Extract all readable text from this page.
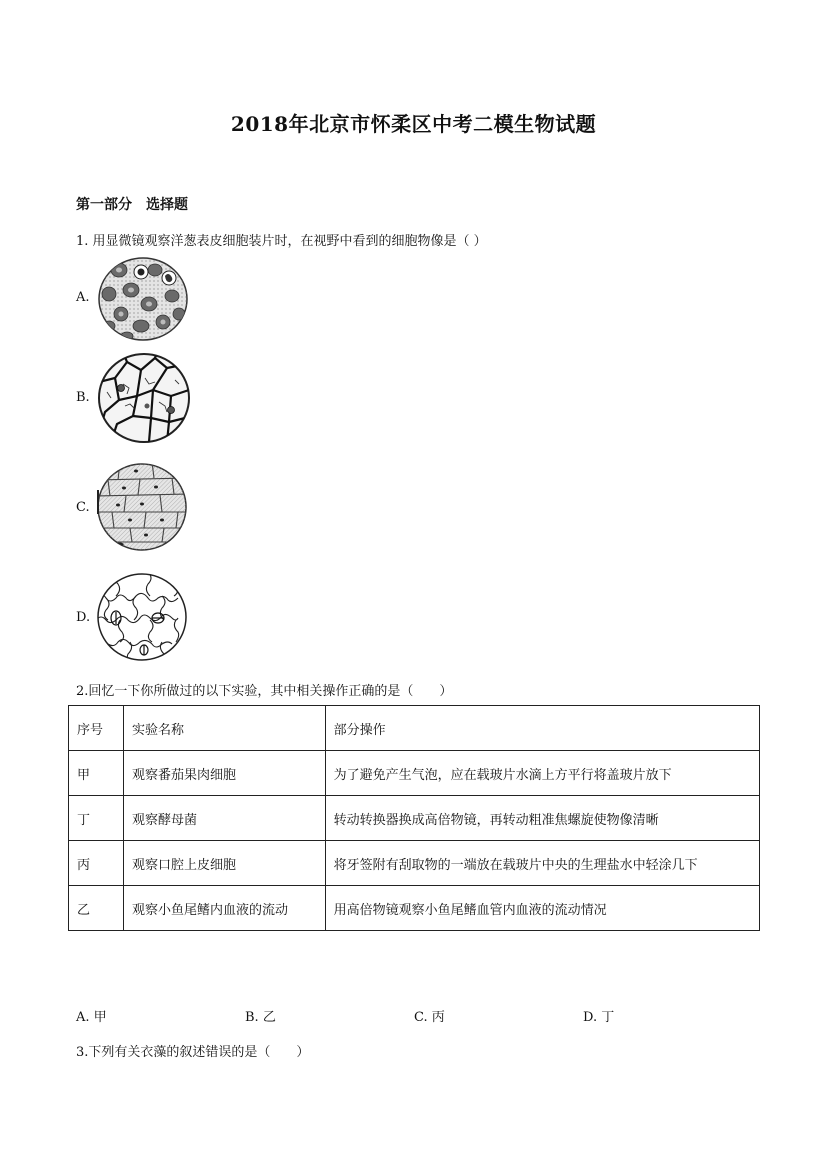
2018年北京市怀柔区中考二模生物试题
第一部分　选择题
1. 用显微镜观察洋葱表皮细胞装片时，在视野中看到的细胞物像是（ ）
A.
B.
C.
D.
2.回忆一下你所做过的以下实验，其中相关操作正确的是（　　）
序号	实验名称	部分操作
甲	观察番茄果肉细胞	为了避免产生气泡，应在载玻片水滴上方平行将盖玻片放下
丁	观察酵母菌	转动转换器换成高倍物镜，再转动粗准焦螺旋使物像清晰
丙	观察口腔上皮细胞	将牙签附有刮取物的一端放在载玻片中央的生理盐水中轻涂几下
乙	观察小鱼尾鳍内血液的流动	用高倍物镜观察小鱼尾鳍血管内血液的流动情况
A. 甲	B. 乙	C. 丙	D. 丁
3.下列有关衣藻的叙述错误的是（　　）
